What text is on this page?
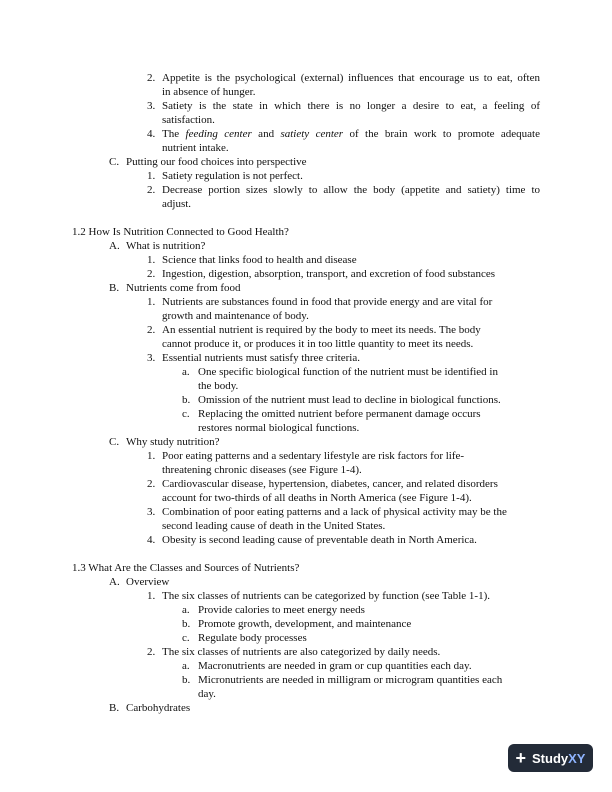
2. Appetite is the psychological (external) influences that encourage us to eat, often
in absence of hunger.
3. Satiety is the state in which there is no longer a desire to eat, a feeling of
satisfaction.
4. The feeding center and satiety center of the brain work to promote adequate
nutrient intake.
C. Putting our food choices into perspective
1. Satiety regulation is not perfect.
2. Decrease portion sizes slowly to allow the body (appetite and satiety) time to
adjust.
1.2 How Is Nutrition Connected to Good Health?
A. What is nutrition?
1. Science that links food to health and disease
2. Ingestion, digestion, absorption, transport, and excretion of food substances
B. Nutrients come from food
1. Nutrients are substances found in food that provide energy and are vital for
growth and maintenance of body.
2. An essential nutrient is required by the body to meet its needs. The body
cannot produce it, or produces it in too little quantity to meet its needs.
3. Essential nutrients must satisfy three criteria.
a. One specific biological function of the nutrient must be identified in
the body.
b. Omission of the nutrient must lead to decline in biological functions.
c. Replacing the omitted nutrient before permanent damage occurs
restores normal biological functions.
C. Why study nutrition?
1. Poor eating patterns and a sedentary lifestyle are risk factors for life-
threatening chronic diseases (see Figure 1-4).
2. Cardiovascular disease, hypertension, diabetes, cancer, and related disorders
account for two-thirds of all deaths in North America (see Figure 1-4).
3. Combination of poor eating patterns and a lack of physical activity may be the
second leading cause of death in the United States.
4. Obesity is second leading cause of preventable death in North America.
1.3 What Are the Classes and Sources of Nutrients?
A. Overview
1. The six classes of nutrients can be categorized by function (see Table 1-1).
a. Provide calories to meet energy needs
b. Promote growth, development, and maintenance
c. Regulate body processes
2. The six classes of nutrients are also categorized by daily needs.
a. Macronutrients are needed in gram or cup quantities each day.
b. Micronutrients are needed in milligram or microgram quantities each
day.
B. Carbohydrates
+ Study XY
